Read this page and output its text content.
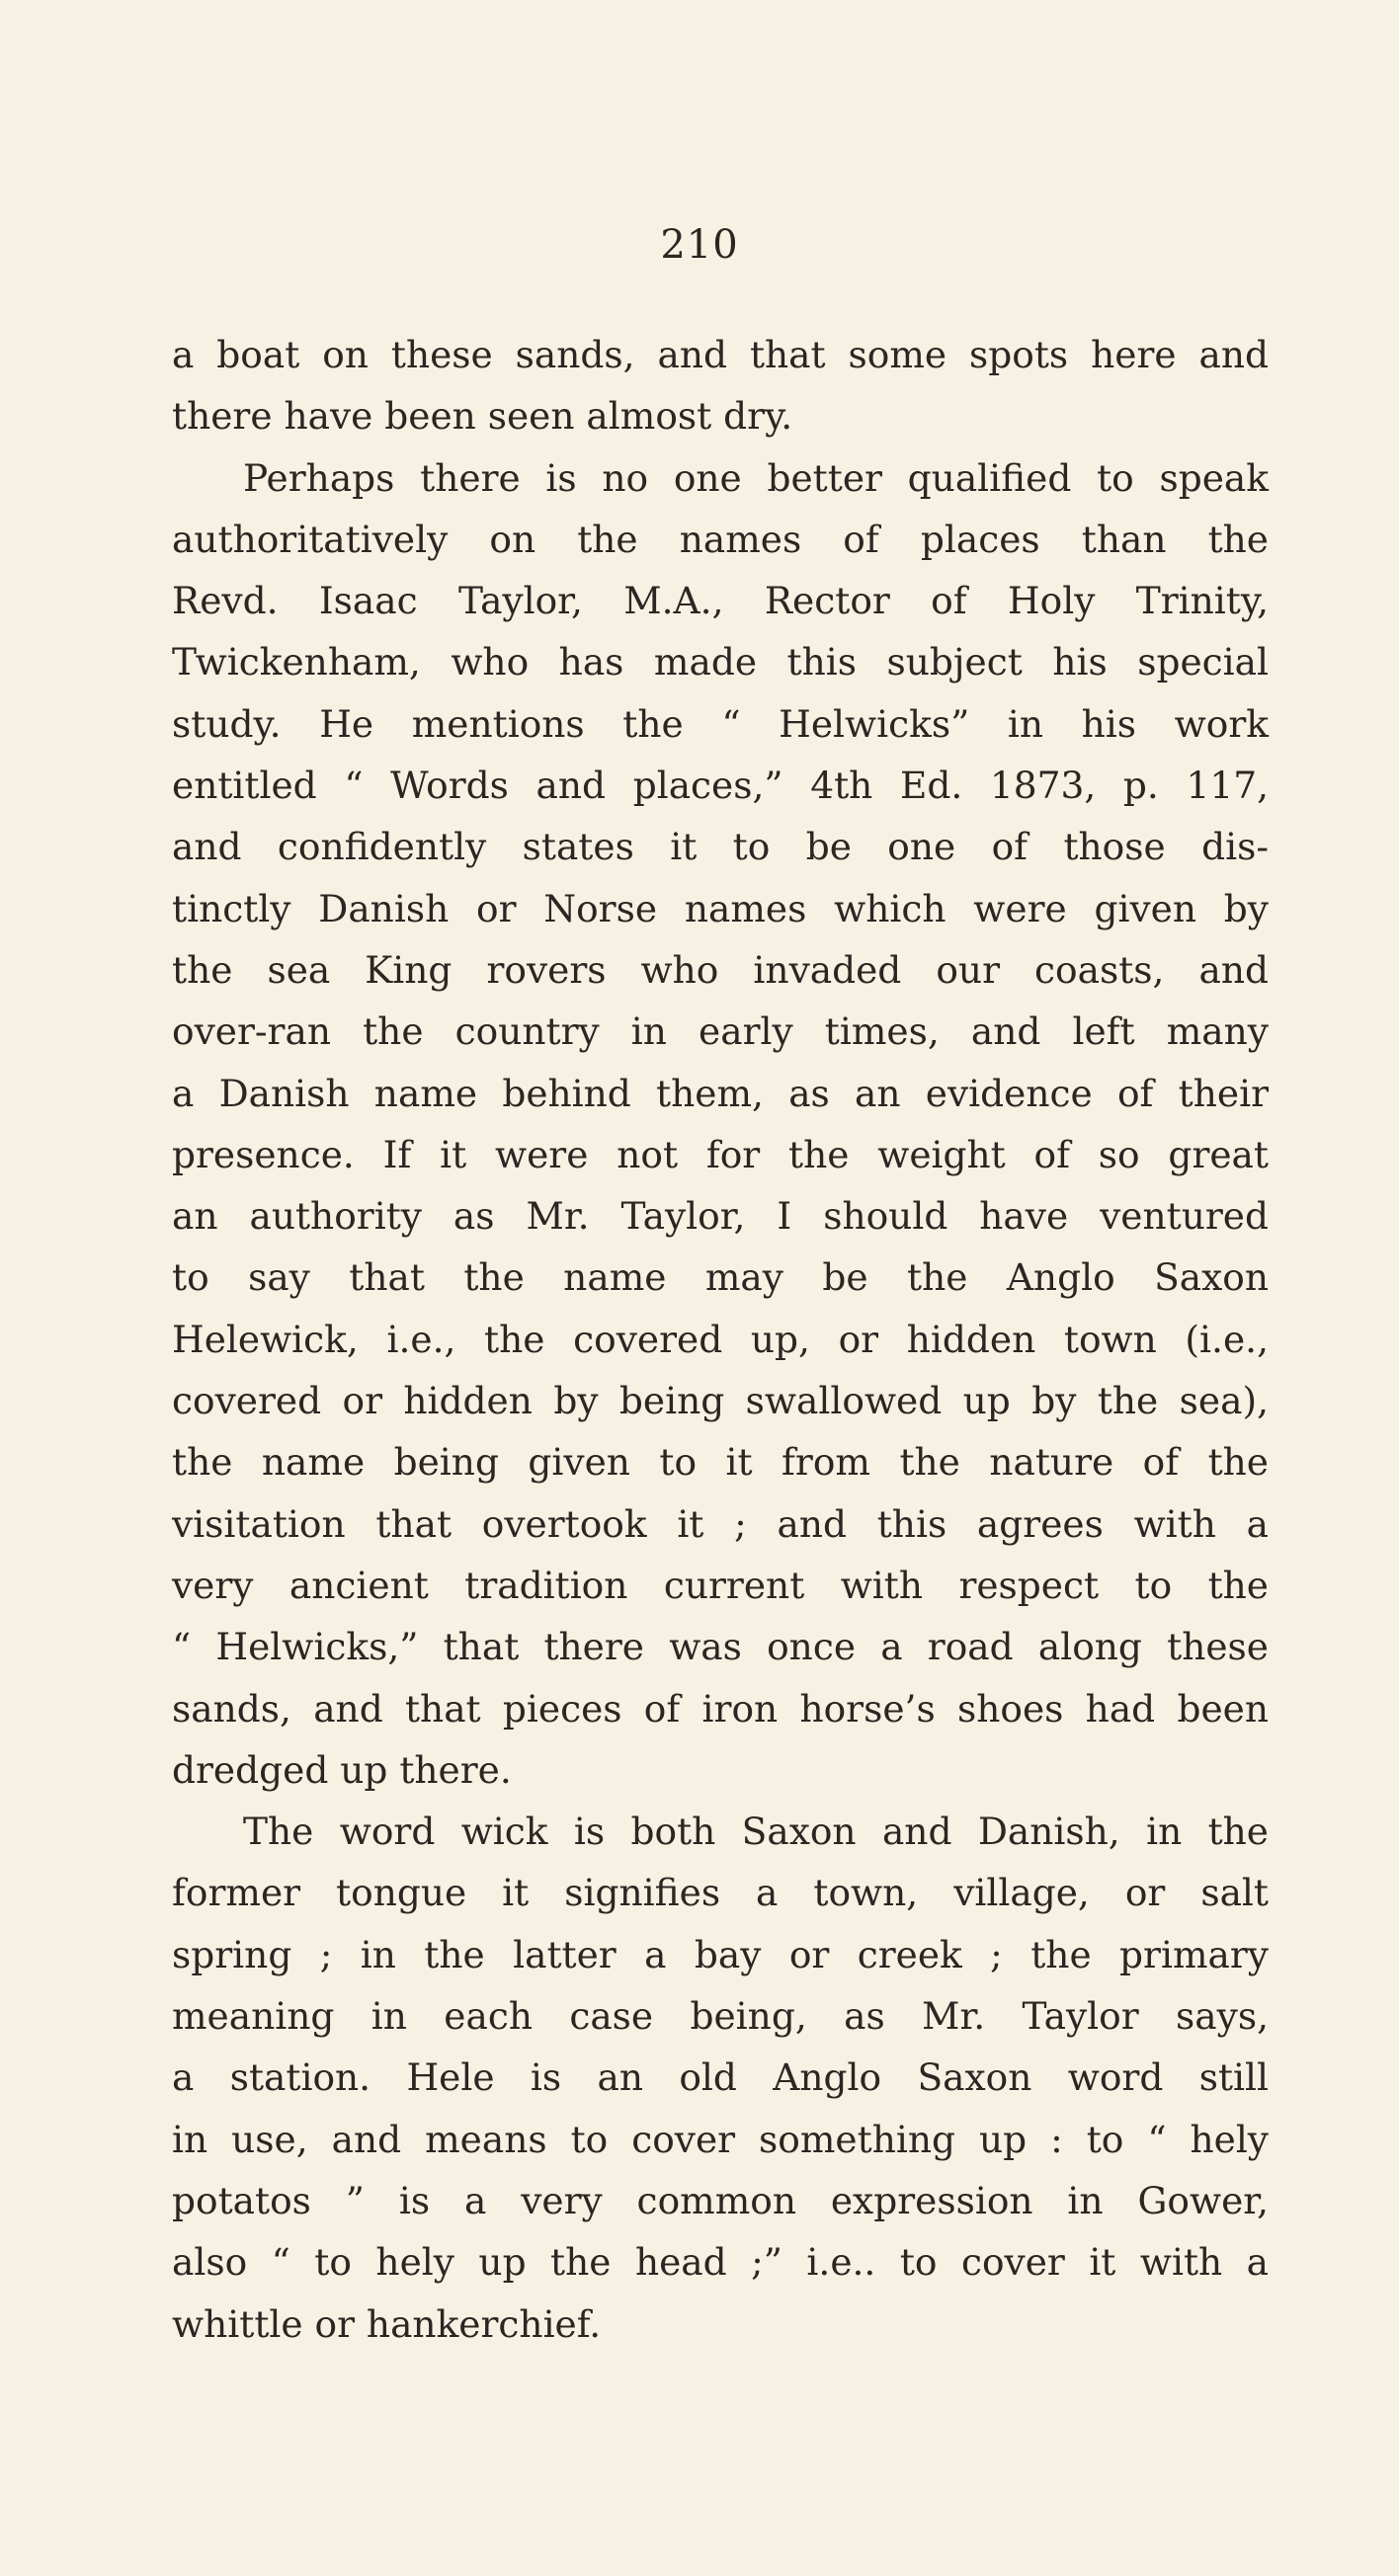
210
a boat on these sands, and that some spots here and
there have been seen almost dry.
Perhaps there is no one better qualified to speak
authoritatively on the names of places than the
Revd. Isaac Taylor, M.A., Rector of Holy Trinity,
Twickenham, who has made this subject his special
study. He mentions the “ Helwicks” in his work
entitled “ Words and places,” 4th Ed. 1873, p. 117,
and confidently states it to be one of those dis-
tinctly Danish or Norse names which were given by
the sea King rovers who invaded our coasts, and
over-ran the country in early times, and left many
a Danish name behind them, as an evidence of their
presence. If it were not for the weight of so great
an authority as Mr. Taylor, I should have ventured
to say that the name may be the Anglo Saxon
Helewick, i.e., the covered up, or hidden town (i.e.,
covered or hidden by being swallowed up by the sea),
the name being given to it from the nature of the
visitation that overtook it ; and this agrees with a
very ancient tradition current with respect to the
“ Helwicks,” that there was once a road along these
sands, and that pieces of iron horse’s shoes had been
dredged up there.
The word wick is both Saxon and Danish, in the
former tongue it signifies a town, village, or salt
spring ; in the latter a bay or creek ; the primary
meaning in each case being, as Mr. Taylor says,
a station. Hele is an old Anglo Saxon word still
in use, and means to cover something up : to “ hely
potatos ” is a very common expression in Gower,
also “ to hely up the head ;” i.e.. to cover it with a
whittle or hankerchief.
